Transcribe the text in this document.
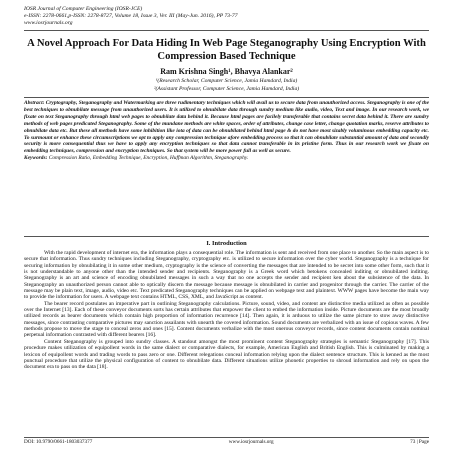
IOSR Journal of Computer Engineering (IOSR-JCE)
e-ISSN: 2278-0661,p-ISSN: 2278-8727, Volume 18, Issue 3, Ver. III (May-Jun. 2016), PP 73-77
www.iosrjournals.org
A Novel Approach For Data Hiding In Web Page Steganography Using Encryption With Compression Based Technique
Ram Krishna Singh¹, Bhavya Alankar²
¹(Research Scholar, Computer Science, Jamia Hamdard, India)
²(Assistant Professor, Computer Science, Jamia Hamdard, India)

Abstract: Cryptography, Steganography and Watermarking are three rudimentary techniques which will avail us to secure data from unauthorized access. Steganography is one of the best techniques to obnubilate message from unauthorized users. It is utilized to obnubilate data through sundry medium like audio, video, Text and image. In our research work, we fixate on text Steganography through html web pages to obnubilate data behind it. Because html pages are facilely transferable that contains secret data behind it. There are sundry methods of web pages predicated Steganography. Some of the mundane methods are white spaces, order of attributes, change case letter, change quotation marks, reserve attributes to obnubilate data etc. But these all methods have some inhibition like iota of data can be obnubilated behind html page & do not have most sizably voluminous embedding capacity etc. To surmount or enhance these circumscriptions we opt to apply any compression technique afore embedding process so that it can obnubilate substantial amount of data and secondly security is more consequential thus we have to apply any encryption techniques so that data cannot transferable in its pristine form. Thus in our research work we fixate on embedding techniques, compression and encryption techniques. So that system will be more power full as well as secure.

Keywords: Compression Ratio, Embedding Technique, Encryption, Huffman Algorithm, Steganography.

I. Introduction

With the rapid development of internet era, the information plays a consequential role. The information is sent and received from one place to another. So the main aspect is to secure that information. Thus sundry techniques including Steganography, cryptography etc. is utilized to secure information over the cyber world. Steganography is a technique for securing information by obnubilating it in some other medium, cryptography is the science of converting the messages that are intended to be secret into some other form, such that it is not understandable to anyone other than the intended sender and recipients. Steganography is a Greek word which betokens concealed inditing or obnubilated inditing. Steganography is an art and science of encoding obnubilated messages in such a way that no one accepts the sender and recipient ken about the subsistence of the data. In Steganography an unauthorized person cannot able to optically discern the message because message is obnubilated in carrier and progenitor through the carrier. The carrier of the message may be plain text, image, audio, video etc. Text predicated Steganography techniques can be applied on webpage text and plaintext. WWW pages have become the main way to provide the information for users. A webpage text contains HTML, CSS, XML, and JavaScript as content.

The bearer record postulates an imperative part in outlining Steganography calculations. Picture, sound, video, and content are distinctive media utilized as often as possible over the Internet [13]. Each of these conveyor documents sorts has certain attributes that empower the client to embed the information inside. Picture documents are the most broadly utilized records as bearer documents which contain high proportion of information recurrence [14]. Then again, it is arduous to utilize the same picture to stow away distinctive messages, since contrasting comparative pictures may sanction assailants with unearth the covered information. Sound documents are verbalized with an issue of copious waves. A few methods propose to move the stage to conceal zeros and ones [15]. Content documents verbalize with the most onerous conveyor records, since content documents contain nominal perpetual information contrasted with different bearers [16].

Content Steganography is grouped into sundry classes. A standout amongst the most prominent content Steganography strategies is semantic Steganography [17]. This procedure makes utilization of equipollent words in the same dialect or comparative dialects, for example, American English and British English. This is culminated by making a lexicon of equipollent words and trading words to pass zero or one. Different relegations conceal information relying upon the dialect sentence structure. This is kenned as the most punctual procedure that utilize the physical configuration of content to obnubilate data. Different situations utilize phonetic properties to shroud information and rely on upon the document era to pass on the data [18].

DOI: 10.9790/0661-1803037377	www.iosrjournals.org	73 | Page
